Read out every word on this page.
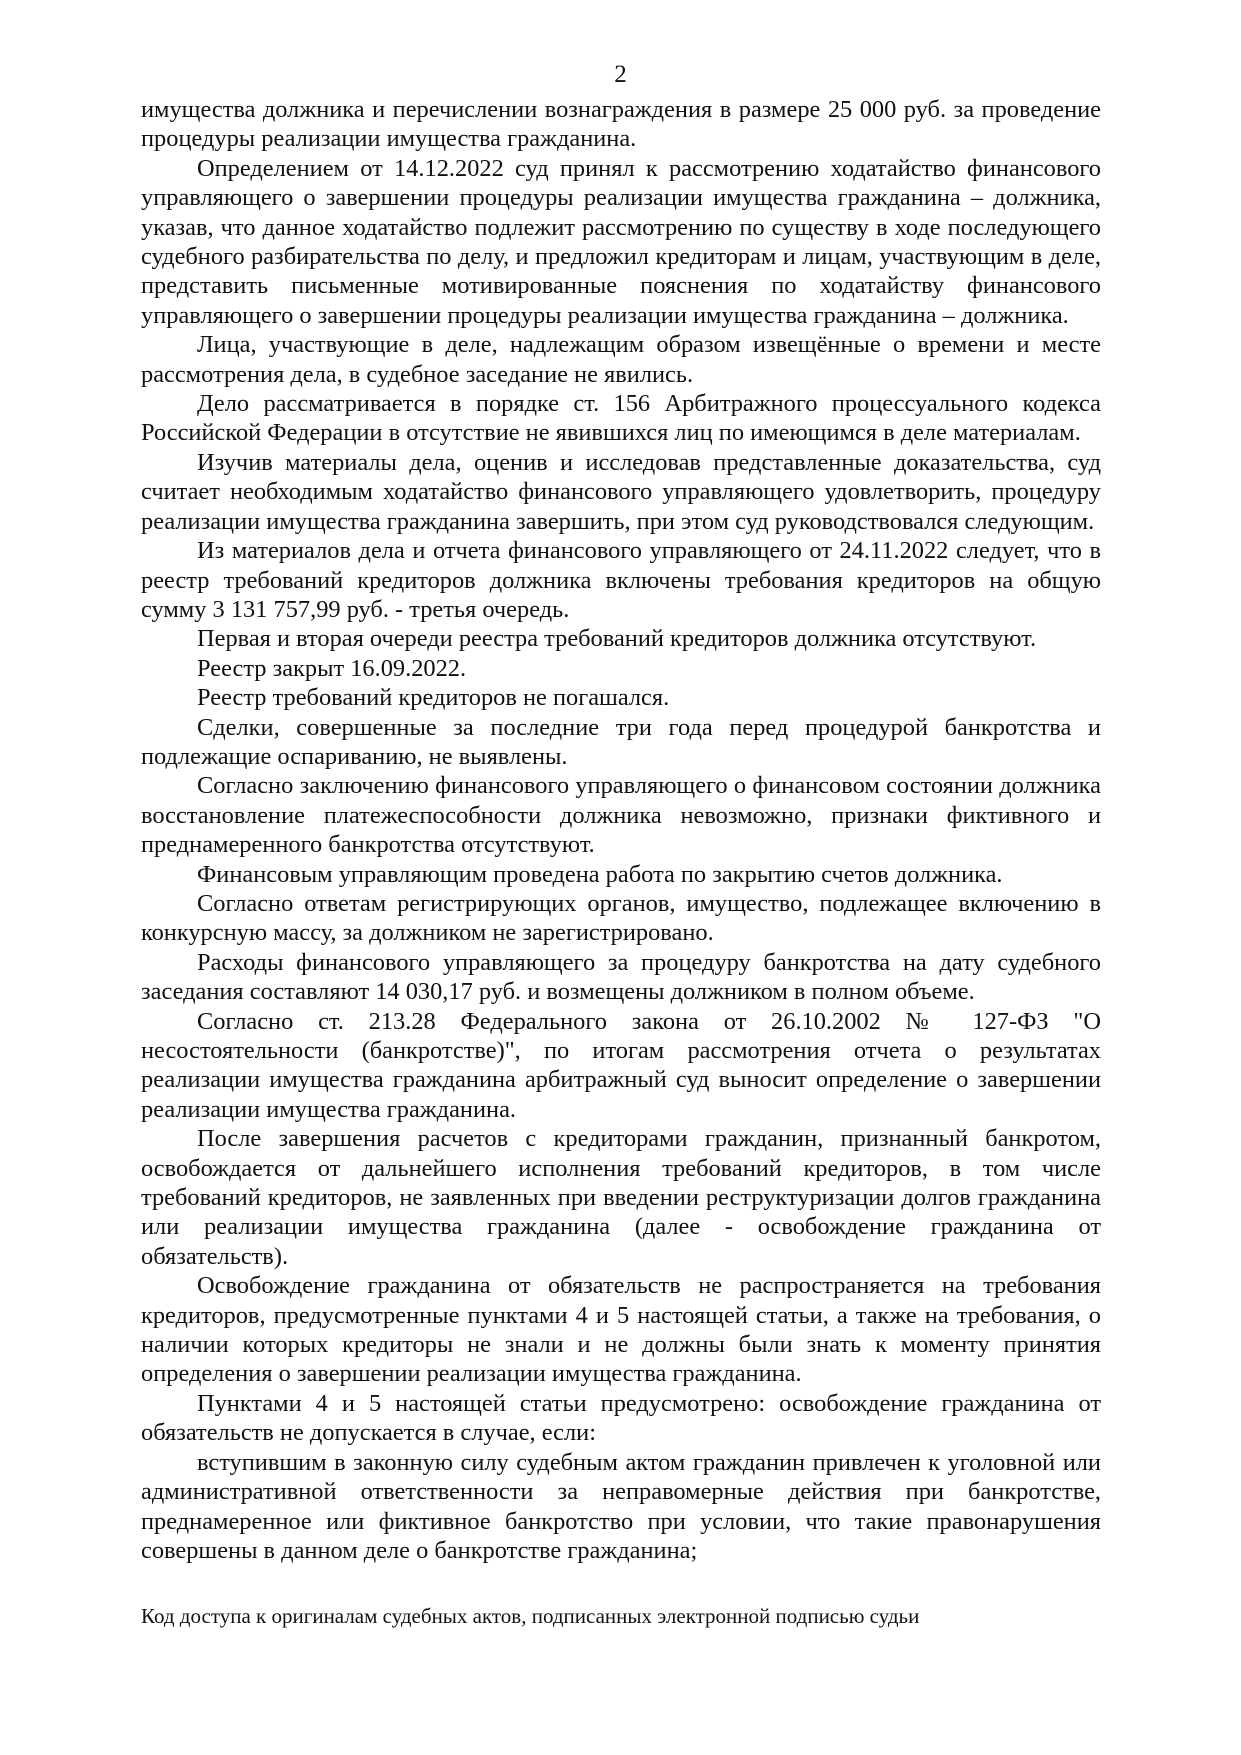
2

имущества должника и перечислении вознаграждения в размере 25 000 руб. за проведение процедуры реализации имущества гражданина.

Определением от 14.12.2022 суд принял к рассмотрению ходатайство финансового управляющего о завершении процедуры реализации имущества гражданина – должника, указав, что данное ходатайство подлежит рассмотрению по существу в ходе последующего судебного разбирательства по делу, и предложил кредиторам и лицам, участвующим в деле, представить письменные мотивированные пояснения по ходатайству финансового управляющего о завершении процедуры реализации имущества гражданина – должника.

Лица, участвующие в деле, надлежащим образом извещённые о времени и месте рассмотрения дела, в судебное заседание не явились.

Дело рассматривается в порядке ст. 156 Арбитражного процессуального кодекса Российской Федерации в отсутствие не явившихся лиц по имеющимся в деле материалам.

Изучив материалы дела, оценив и исследовав представленные доказательства, суд считает необходимым ходатайство финансового управляющего удовлетворить, процедуру реализации имущества гражданина завершить, при этом суд руководствовался следующим.

Из материалов дела и отчета финансового управляющего от 24.11.2022 следует, что в реестр требований кредиторов должника включены требования кредиторов на общую сумму 3 131 757,99 руб. - третья очередь.

Первая и вторая очереди реестра требований кредиторов должника отсутствуют.

Реестр закрыт 16.09.2022.

Реестр требований кредиторов не погашался.

Сделки, совершенные за последние три года перед процедурой банкротства и подлежащие оспариванию, не выявлены.

Согласно заключению финансового управляющего о финансовом состоянии должника восстановление платежеспособности должника невозможно, признаки фиктивного и преднамеренного банкротства отсутствуют.

Финансовым управляющим проведена работа по закрытию счетов должника.

Согласно ответам регистрирующих органов, имущество, подлежащее включению в конкурсную массу, за должником не зарегистрировано.

Расходы финансового управляющего за процедуру банкротства на дату судебного заседания составляют 14 030,17 руб. и возмещены должником в полном объеме.

Согласно ст. 213.28 Федерального закона от 26.10.2002 № 127-ФЗ "О несостоятельности (банкротстве)", по итогам рассмотрения отчета о результатах реализации имущества гражданина арбитражный суд выносит определение о завершении реализации имущества гражданина.

После завершения расчетов с кредиторами гражданин, признанный банкротом, освобождается от дальнейшего исполнения требований кредиторов, в том числе требований кредиторов, не заявленных при введении реструктуризации долгов гражданина или реализации имущества гражданина (далее - освобождение гражданина от обязательств).

Освобождение гражданина от обязательств не распространяется на требования кредиторов, предусмотренные пунктами 4 и 5 настоящей статьи, а также на требования, о наличии которых кредиторы не знали и не должны были знать к моменту принятия определения о завершении реализации имущества гражданина.

Пунктами 4 и 5 настоящей статьи предусмотрено: освобождение гражданина от обязательств не допускается в случае, если:

вступившим в законную силу судебным актом гражданин привлечен к уголовной или административной ответственности за неправомерные действия при банкротстве, преднамеренное или фиктивное банкротство при условии, что такие правонарушения совершены в данном деле о банкротстве гражданина;

Код доступа к оригиналам судебных актов, подписанных электронной подписью судьи
